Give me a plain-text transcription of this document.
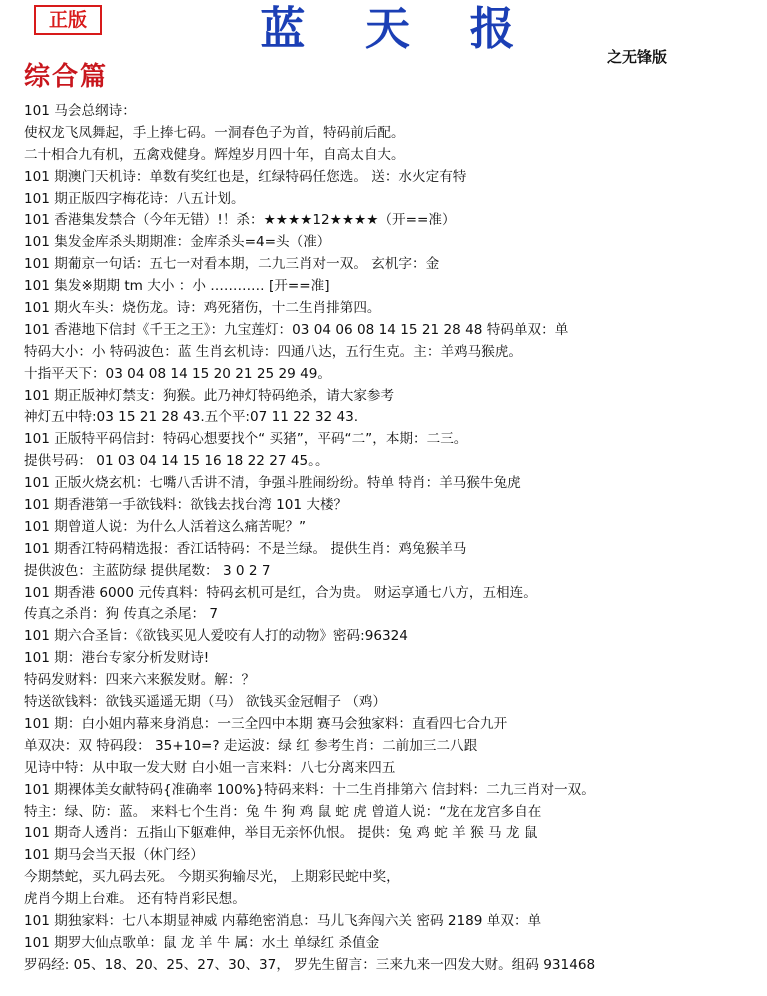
正版	蓝 天 报
之无锋版
综合篇
101 马会总纲诗：
使权龙飞凤舞起，手上捧七码。一洞春色子为首，特码前后配。
二十相合九有机，五禽戏健身。辉煌岁月四十年，自高太自大。
101 期澳门天机诗：单数有奖红也是，红绿特码任您选。 送：水火定有特
101 期正版四字梅花诗：八五计划。
101 香港集发禁合（今年无错）!！杀：★★★★12★★★★（开==准）
101 集发金库杀头期期准：金库杀头=4=头（准）
101 期葡京一句话：五七一对看本期，二九三肖对一双。 玄机字：金
101 集发※期期 tm 大小 ：小 ………… [开==准]
101 期火车头：烧伤龙。诗：鸡死猪伤，十二生肖排第四。
101 香港地下信封《千王之王》：九宝莲灯：03 04 06 08 14 15 21 28 48 特码单双：单
特码大小：小 特码波色：蓝 生肖玄机诗：四通八达，五行生克。主：羊鸡马猴虎。
十指平天下：03 04 08 14 15 20 21 25 29 49。
101 期正版神灯禁支：狗猴。此乃神灯特码绝杀，请大家参考
神灯五中特:03 15 21 28 43.五个平:07 11 22 32 43.
101 正版特平码信封：特码心想要找个“ 买猪”，平码“二”，本期：二三。
提供号码： 01 03 04 14 15 16 18 22 27 45。。
101 正版火烧玄机：七嘴八舌讲不清，争强斗胜闹纷纷。特单 特肖：羊马猴牛兔虎
101 期香港第一手欲钱料：欲钱去找台湾 101 大楼？
101 期曾道人说：为什么人活着这么痛苦呢？”
101 期香江特码精选报：香江话特码：不是兰绿。 提供生肖：鸡兔猴羊马
提供波色：主蓝防绿 提供尾数： 3 0 2 7
101 期香港 6000 元传真料：特码玄机可是红，合为贵。 财运享通七八方，五相连。
传真之杀肖：狗 传真之杀尾： 7
101 期六合圣旨：《欲钱买见人爱咬有人打的动物》密码:96324
101 期：港台专家分析发财诗!
特码发财料：四来六来猴发财。解：？
特送欲钱料：欲钱买遥遥无期（马） 欲钱买金冠帽子 （鸡）
101 期：白小姐内幕来身消息：一三全四中本期 赛马会独家料：直看四七合九开
单双决：双 特码段： 35+10=? 走运波：绿 红 参考生肖：二前加三二八跟
见诗中特：从中取一发大财 白小姐一言来料：八七分离来四五
101 期裸体美女献特码{准确率 100%}特码来料：十二生肖排第六 信封料：二九三肖对一双。
特主：绿、防：蓝。 来料七个生肖：兔 牛 狗 鸡 鼠 蛇 虎 曾道人说：“龙在龙宫多自在
101 期奇人透肖：五指山下躯难伸，举目无亲怀仇恨。 提供：兔 鸡 蛇 羊 猴 马 龙 鼠
101 期马会当天报（休门经）
今期禁蛇，买九码去死。 今期买狗输尽光， 上期彩民蛇中奖，
虎肖今期上台难。 还有特肖彩民想。
101 期独家料：七八本期显神威 内幕绝密消息：马儿飞奔闯六关 密码 2189 单双：单
101 期罗大仙点歌单：鼠 龙 羊 牛 属：水土 单绿红 杀值金
罗码经: 05、18、20、25、27、30、37， 罗先生留言：三来九来一四发大财。组码 931468
